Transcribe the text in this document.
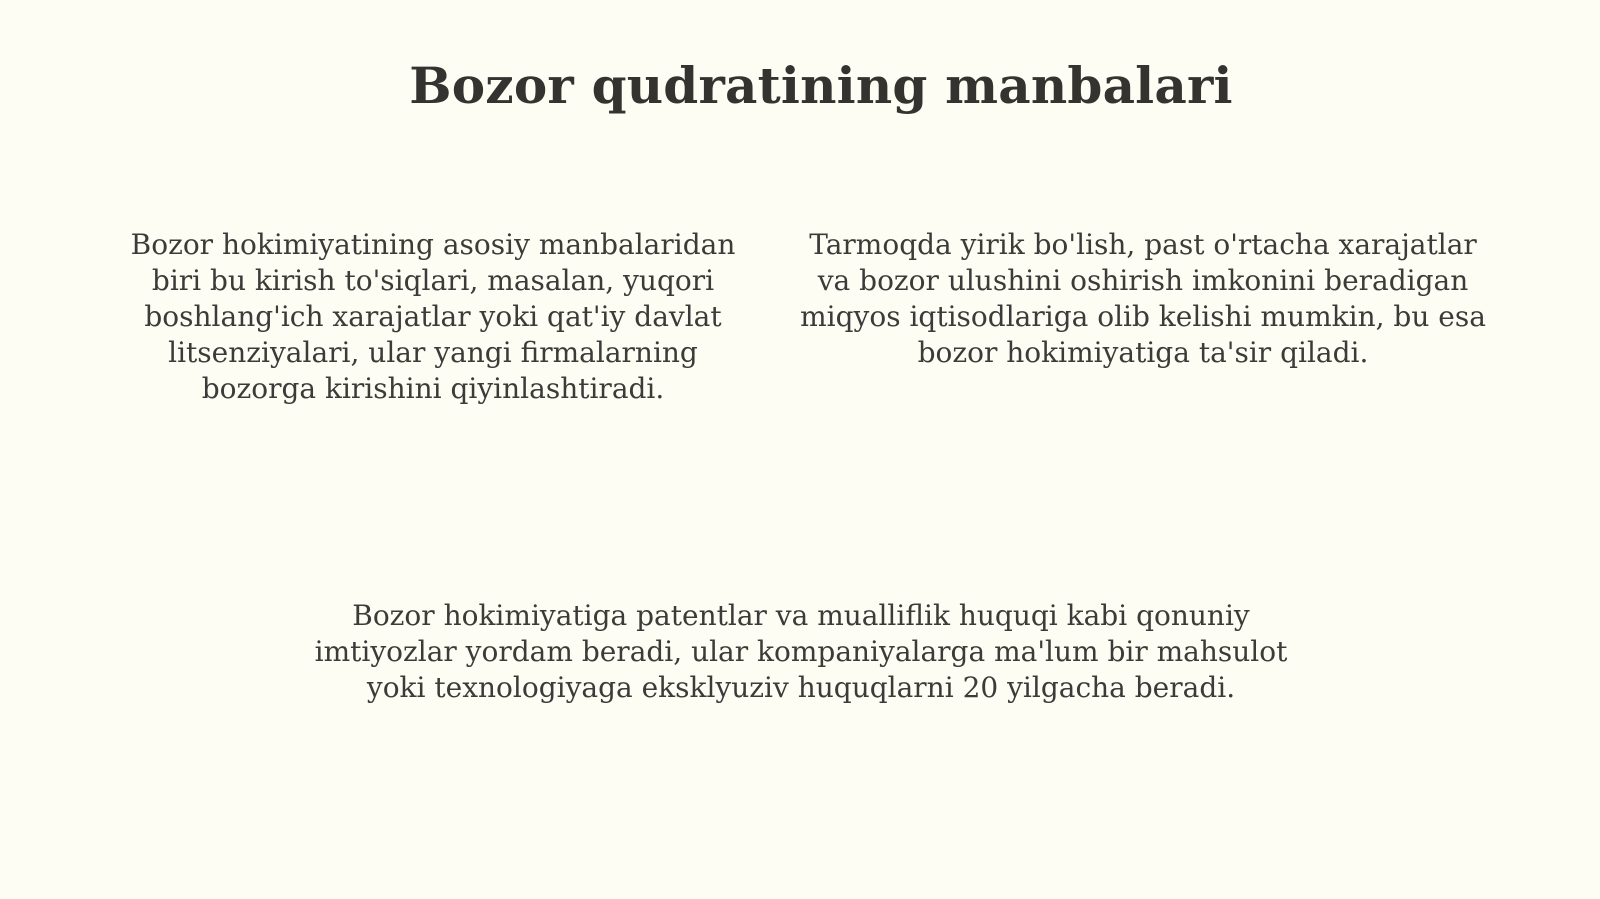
Bozor qudratining manbalari

Bozor hokimiyatining asosiy manbalaridan biri bu kirish to'siqlari, masalan, yuqori boshlang'ich xarajatlar yoki qat'iy davlat litsenziyalari, ular yangi firmalarning bozorga kirishini qiyinlashtiradi.

Tarmoqda yirik bo'lish, past o'rtacha xarajatlar va bozor ulushini oshirish imkonini beradigan miqyos iqtisodlariga olib kelishi mumkin, bu esa bozor hokimiyatiga ta'sir qiladi.

Bozor hokimiyatiga patentlar va mualliflik huquqi kabi qonuniy imtiyozlar yordam beradi, ular kompaniyalarga ma'lum bir mahsulot yoki texnologiyaga eksklyuziv huquqlarni 20 yilgacha beradi.
